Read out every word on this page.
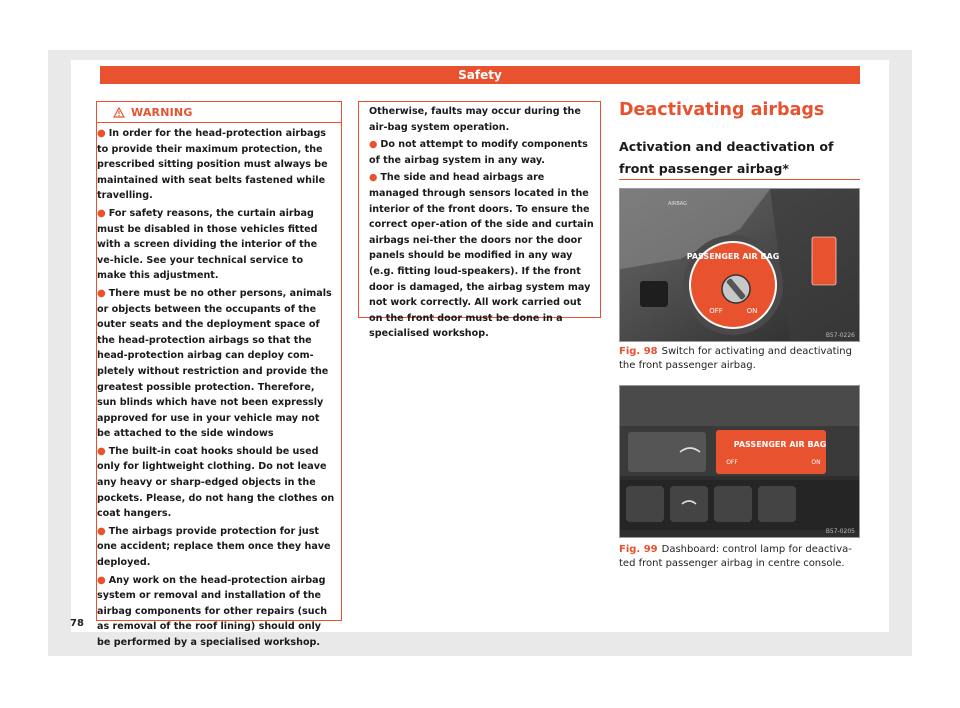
Safety
WARNING

● In order for the head-protection airbags to provide their maximum protection, the prescribed sitting position must always be maintained with seat belts fastened while travelling.

● For safety reasons, the curtain airbag must be disabled in those vehicles fitted with a screen dividing the interior of the ve-hicle. See your technical service to make this adjustment.

● There must be no other persons, animals or objects between the occupants of the outer seats and the deployment space of the head-protection airbags so that the head-protection airbag can deploy com-pletely without restriction and provide the greatest possible protection. Therefore, sun blinds which have not been expressly approved for use in your vehicle may not be attached to the side windows

● The built-in coat hooks should be used only for lightweight clothing. Do not leave any heavy or sharp-edged objects in the pockets. Please, do not hang the clothes on coat hangers.

● The airbags provide protection for just one accident; replace them once they have deployed.

● Any work on the head-protection airbag system or removal and installation of the airbag components for other repairs (such as removal of the roof lining) should only be performed by a specialised workshop.

Otherwise, faults may occur during the air-bag system operation.

● Do not attempt to modify components of the airbag system in any way.

● The side and head airbags are managed through sensors located in the interior of the front doors. To ensure the correct oper-ation of the side and curtain airbags nei-ther the doors nor the door panels should be modified in any way (e.g. fitting loud-speakers). If the front door is damaged, the airbag system may not work correctly. All work carried out on the front door must be done in a specialised workshop.

Deactivating airbags
Activation and deactivation of front passenger airbag*
PASSENGER AIR BAG
OFF	ON
AIRBAG
B57-0226
Fig. 98 Switch for activating and deactivating the front passenger airbag.
PASSENGER AIR BAG
OFF	ON
B57-0205
Fig. 99 Dashboard: control lamp for deactiva-ted front passenger airbag in centre console.
78
